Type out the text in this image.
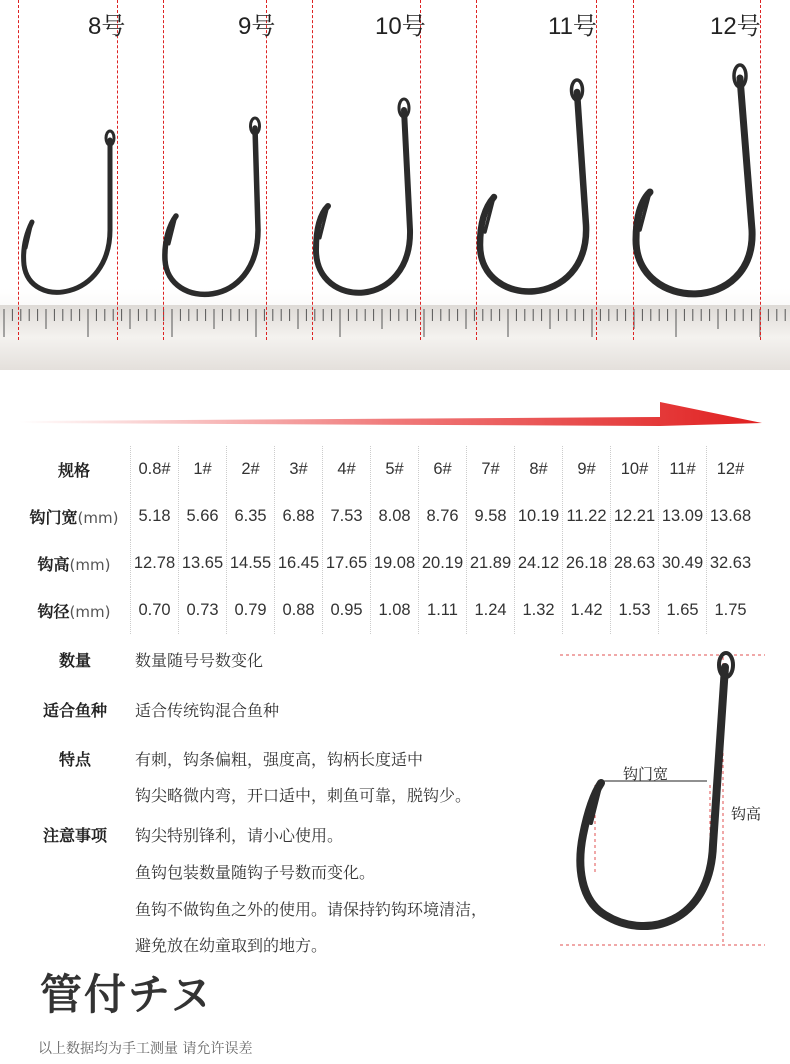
8号	9号	10号	11号	12号
规格	0.8#	1#	2#	3#	4#	5#	6#	7#	8#	9#	10#	11#	12#
钩门宽(mm)	5.18	5.66	6.35	6.88	7.53	8.08	8.76	9.58	10.19	11.22	12.21	13.09	13.68
钩高(mm)	12.78	13.65	14.55	16.45	17.65	19.08	20.19	21.89	24.12	26.18	28.63	30.49	32.63
钩径(mm)	0.70	0.73	0.79	0.88	0.95	1.08	1.11	1.24	1.32	1.42	1.53	1.65	1.75
数量	数量随号号数变化
适合鱼种	适合传统钩混合鱼种
特点	有刺，钩条偏粗，强度高，钩柄长度适中
钩尖略微内弯，开口适中，刺鱼可靠，脱钩少。
注意事项	钩尖特别锋利，请小心使用。
鱼钩包装数量随钩子号数而变化。
鱼钩不做钩鱼之外的使用。请保持钓钩环境清洁，
避免放在幼童取到的地方。
钩门宽
钩高
管付チヌ
以上数据均为手工测量 请允许误差
